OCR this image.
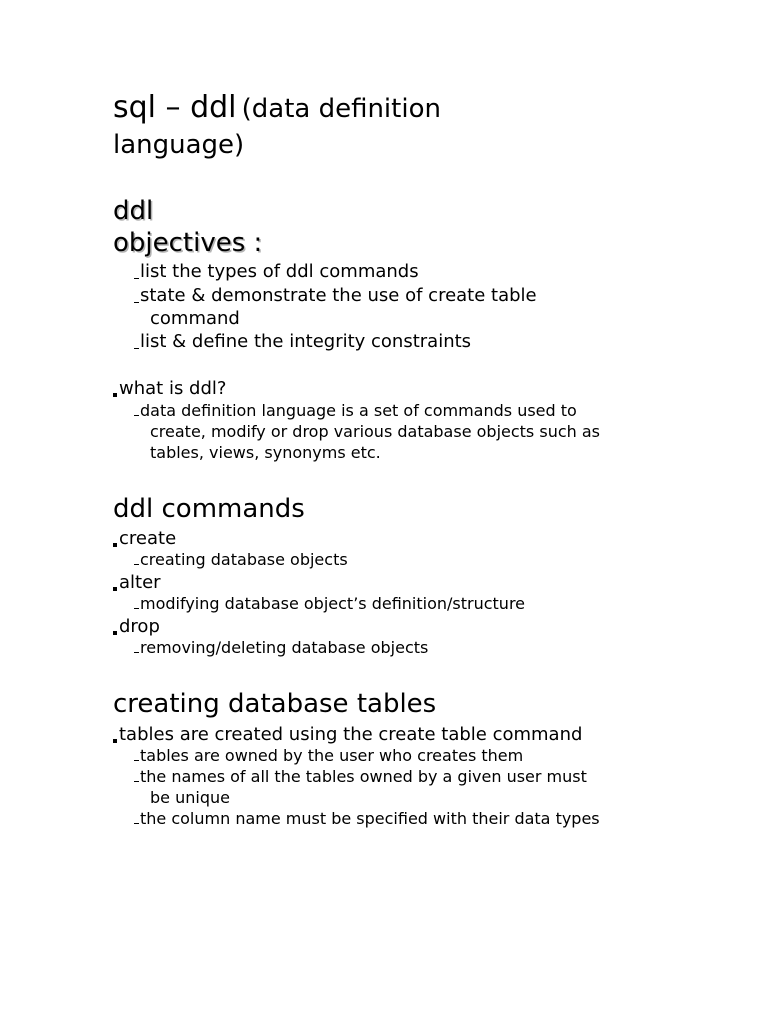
sql – ddl (data definition
language)
ddl
objectives :
list the types of ddl commands
state & demonstrate the use of create table
command
list & define the integrity constraints
what is ddl?
data definition language is a set of commands used to
create, modify or drop various database objects such as
tables, views, synonyms etc.
ddl commands
create
creating database objects
alter
modifying database object’s definition/structure
drop
removing/deleting database objects
creating database tables
tables are created using the create table command
tables are owned by the user who creates them
the names of all the tables owned by a given user must
be unique
the column name must be specified with their data types
